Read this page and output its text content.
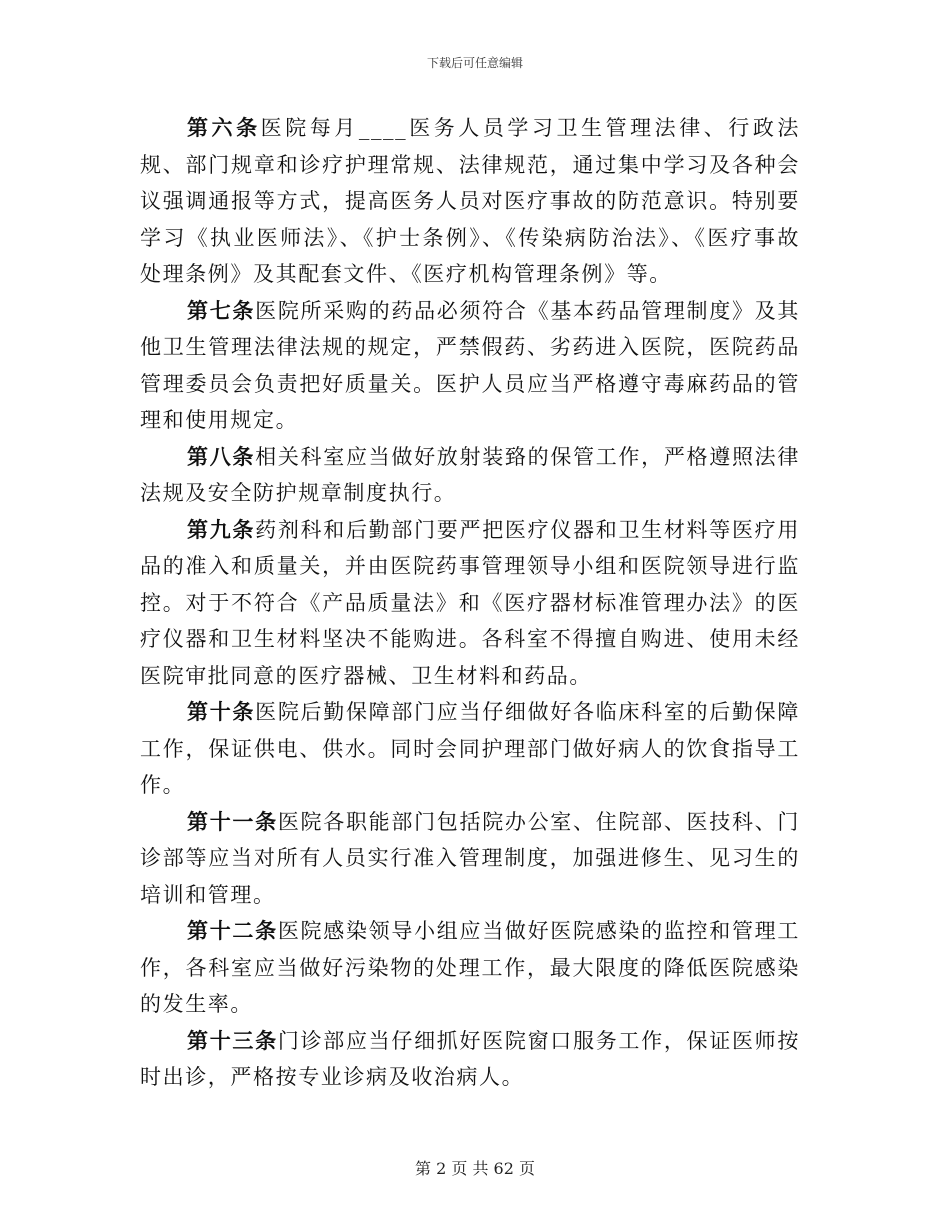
下载后可任意编辑

第六条医院每月____医务人员学习卫生管理法律、行政法规、部门规章和诊疗护理常规、法律规范，通过集中学习及各种会议强调通报等方式，提高医务人员对医疗事故的防范意识。特别要学习《执业医师法》、《护士条例》、《传染病防治法》、《医疗事故处理条例》及其配套文件、《医疗机构管理条例》等。

第七条医院所采购的药品必须符合《基本药品管理制度》及其他卫生管理法律法规的规定，严禁假药、劣药进入医院，医院药品管理委员会负责把好质量关。医护人员应当严格遵守毒麻药品的管理和使用规定。

第八条相关科室应当做好放射装臵的保管工作，严格遵照法律法规及安全防护规章制度执行。

第九条药剂科和后勤部门要严把医疗仪器和卫生材料等医疗用品的准入和质量关，并由医院药事管理领导小组和医院领导进行监控。对于不符合《产品质量法》和《医疗器材标准管理办法》的医疗仪器和卫生材料坚决不能购进。各科室不得擅自购进、使用未经医院审批同意的医疗器械、卫生材料和药品。

第十条医院后勤保障部门应当仔细做好各临床科室的后勤保障工作，保证供电、供水。同时会同护理部门做好病人的饮食指导工作。

第十一条医院各职能部门包括院办公室、住院部、医技科、门诊部等应当对所有人员实行准入管理制度，加强进修生、见习生的培训和管理。

第十二条医院感染领导小组应当做好医院感染的监控和管理工作，各科室应当做好污染物的处理工作，最大限度的降低医院感染的发生率。

第十三条门诊部应当仔细抓好医院窗口服务工作，保证医师按时出诊，严格按专业诊病及收治病人。

第 2 页 共 62 页
